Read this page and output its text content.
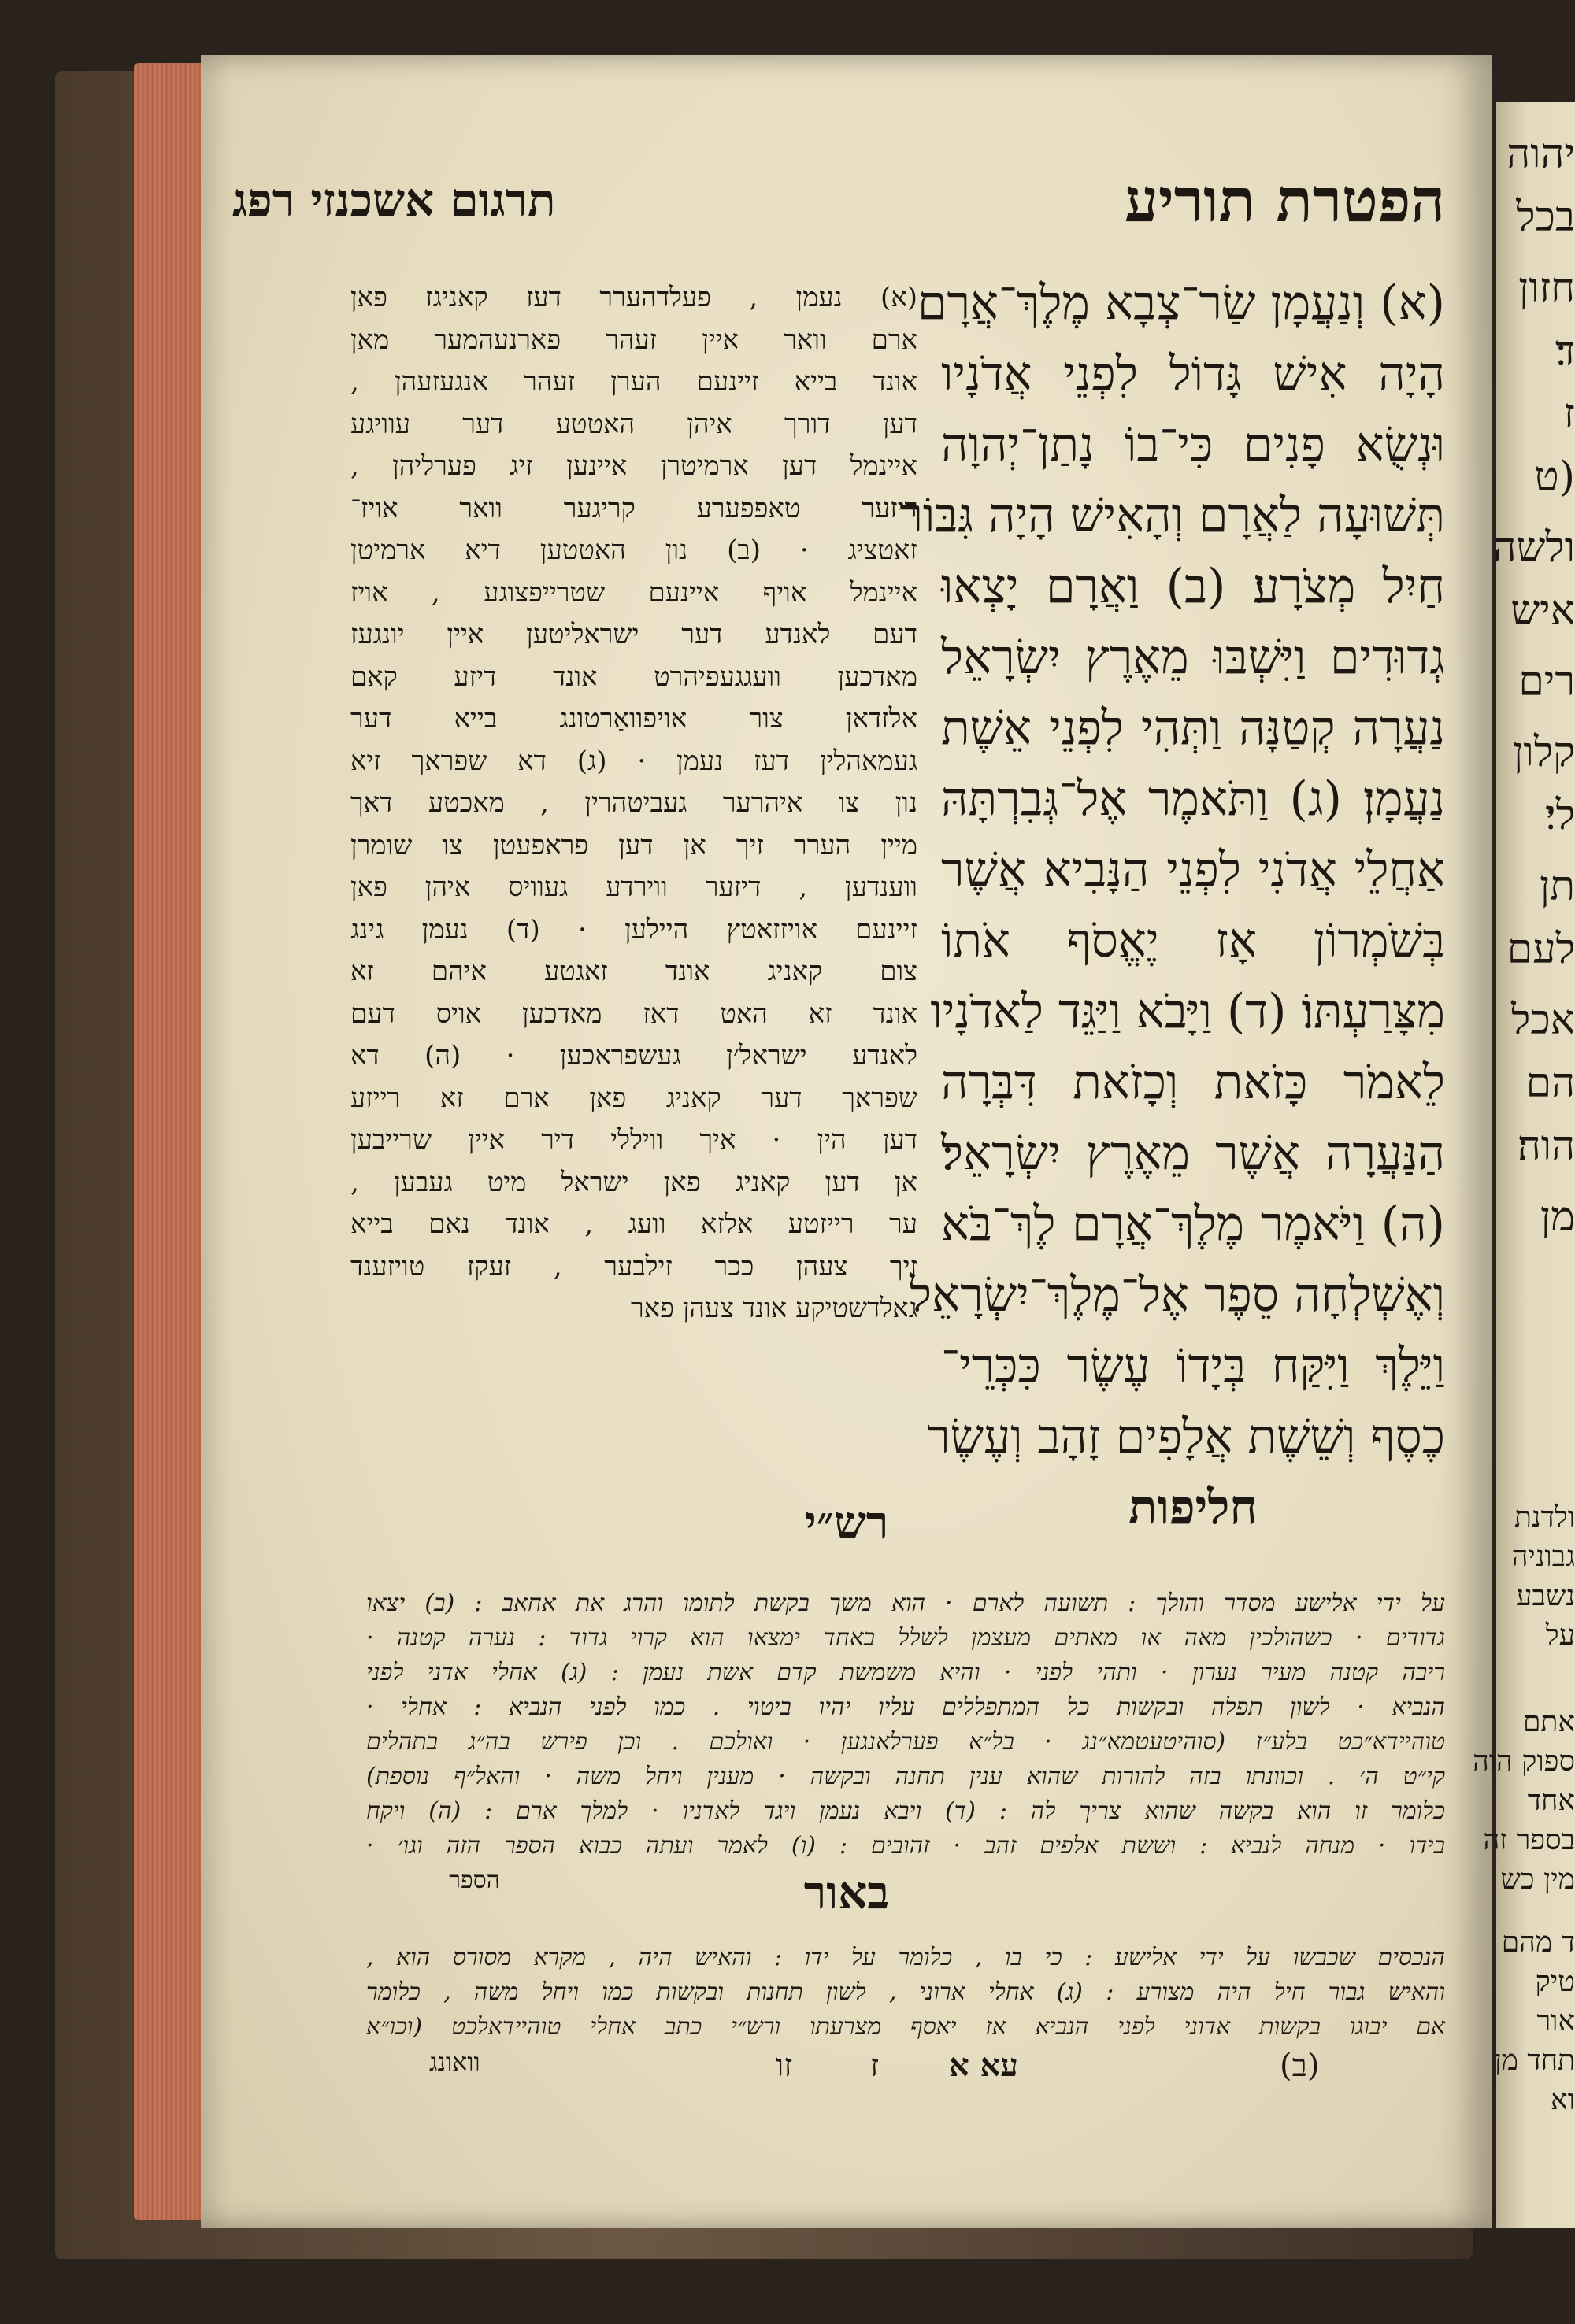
הפטרת תוריע
תרגום אשכנזי רפג
(א) וְנַעֲמָן שַׂר־צְבָא מֶלֶךְ־אֲרָם
הָיָה אִישׁ גָּדוֹל לִפְנֵי אֲדֹנָיו
וּנְשֻׂא פָנִים כִּי־בוֹ נָתַן־יְהוָה
תְּשׁוּעָה לַאֲרָם וְהָאִישׁ הָיָה גִּבּוֹר
חַיִל מְצֹרָע׃ (ב) וַאֲרָם יָצְאוּ
גְדוּדִים וַיִּשְׁבּוּ מֵאֶרֶץ יִשְׂרָאֵל
נַעֲרָה קְטַנָּה וַתְּהִי לִפְנֵי אֵשֶׁת
נַעֲמָן׃ (ג) וַתֹּאמֶר אֶל־גְּבִרְתָּהּ
אַחֲלֵי אֲדֹנִי לִפְנֵי הַנָּבִיא אֲשֶׁר
בְּשֹׁמְרוֹן אָז יֶאֱסֹף אֹתוֹ
מִצָּרַעְתּוֹ׃ (ד) וַיָּבֹא וַיַּגֵּד לַאדֹנָיו
לֵאמֹר כָּזֹאת וְכָזֹאת דִּבְּרָה
הַנַּעֲרָה אֲשֶׁר מֵאֶרֶץ יִשְׂרָאֵל׃
(ה) וַיֹּאמֶר מֶלֶךְ־אֲרָם לֶךְ־בֹּא
וְאֶשְׁלְחָה סֵפֶר אֶל־מֶלֶךְ־יִשְׂרָאֵל
וַיֵּלֶךְ וַיִּקַּח בְּיָדוֹ עֶשֶׂר כִּכְּרֵי־
כֶסֶף וְשֵׁשֶׁת אֲלָפִים זָהָב וְעֶשֶׂר
חליפות
(א) נעמן , פעלדהערר דעז קאניגז פאן
ארם וואר איין זעהר פארנעהמער מאן
אונד בייא זיינעם הערן זעהר אנגעזעהן ,
דען דורך איהן האטטע דער עוויגע
איינמל דען ארמיטרן איינען זיג פערליהן ,
דיזער טאפפערע קריגער וואר אויז־
זאטציג · (ב) נון האטטען דיא ארמיטן
איינמל אויף איינעם שטרייפצוגע , אויז
דעם לאנדע דער ישראליטען איין יונגעז
מאדכען וועגגעפיהרט אונד דיזע קאם
אלזדאן צור אויפוואַרטונג בייא דער
געמאהלין דעז נעמן · (ג) דא שפראך זיא
נון צו איהרער געביטהרין , מאכטע דאך
מיין הערר זיך אן דען פראפעטן צו שומרן
ווענדען , דיזער ווירדע געוויס איהן פאן
זיינעם אויזזאטץ היילען · (ד) נעמן גינג
צום קאניג אונד זאגטע איהם זא
אונד זא האט דאז מאדכען אויס דעם
לאנדע ישראל׳ן געשפראכען · (ה) דא
שפראך דער קאניג פאן ארם זא רייזע
דען הין · איך וויללי דיר איין שרייבען
אן דען קאניג פאן ישראל מיט געבען ,
ער רייזטע אלזא וועג , אונד נאם בייא
זיך צעהן ככר זילבער , זעקז טויזענד
גאלדשטיקע אונד צעהן פאר
רש״י
על ידי אלישע מסדר והולך : תשועה לארם · הוא משך בקשת לתומו והרג את אחאב : (ב) יצאו
גדודים · כשהולכין מאה או מאתים מעצמן לשלל באחד ימצאו הוא קרוי גדוד : נערה קטנה ·
ריבה קטנה מעיר נערון · ותהי לפני · והיא משמשת קדם אשת נעמן : (ג) אחלי אדני לפני
הנביא · לשון תפלה ובקשות כל המתפללים עליו יהיו ביטוי . כמו לפני הנביא : אחלי ·
טוהיידא״כט בלע״ז (סוהיטעטמא״נג · בל״א פערלאנגען · ואולכם . וכן פירש בה״ג בתהלים
קי״ט ה׳ . וכוונתו בזה להורות שהוא ענין תחנה ובקשה · מענין ויחל משה · והאל״ף נוספת)
כלומר זו הוא בקשה שהוא צריך לה : (ד) ויבא נעמן ויגד לאדניו · למלך ארם : (ה) ויקח
בידו · מנחה לנביא : וששת אלפים זהב · זהובים : (ו) לאמר ועתה כבוא הספר הזה וגו׳ ·
הספר	באור
הנכסים שכבשו על ידי אלישע : כי בו , כלומר על ידו : והאיש היה , מקרא מסורס הוא ,
והאיש גבור חיל היה מצורע : (ג) אחלי ארוני , לשון תחנות ובקשות כמו ויחל משה , כלומר
אם יבוגו בקשות אדוני לפני הנביא אז יאסף מצרעתו ורש״י כתב אחלי טוהיידאלכט (וכו״א
וואונג	זו ז עא א	(ב)
יהוה
בכל
חזון
ד׃
ז
(ט
ולשה
איש
רים
קלון
לי׃
תן
לעם
אכל
הם
הוה׃
מן
ולדנת
גבוניה
נשבע
על
אתם
ספוק הוה
אחד
בספר זה
מין כש
ד מהם
טיק
אור
תחד מן
וא
